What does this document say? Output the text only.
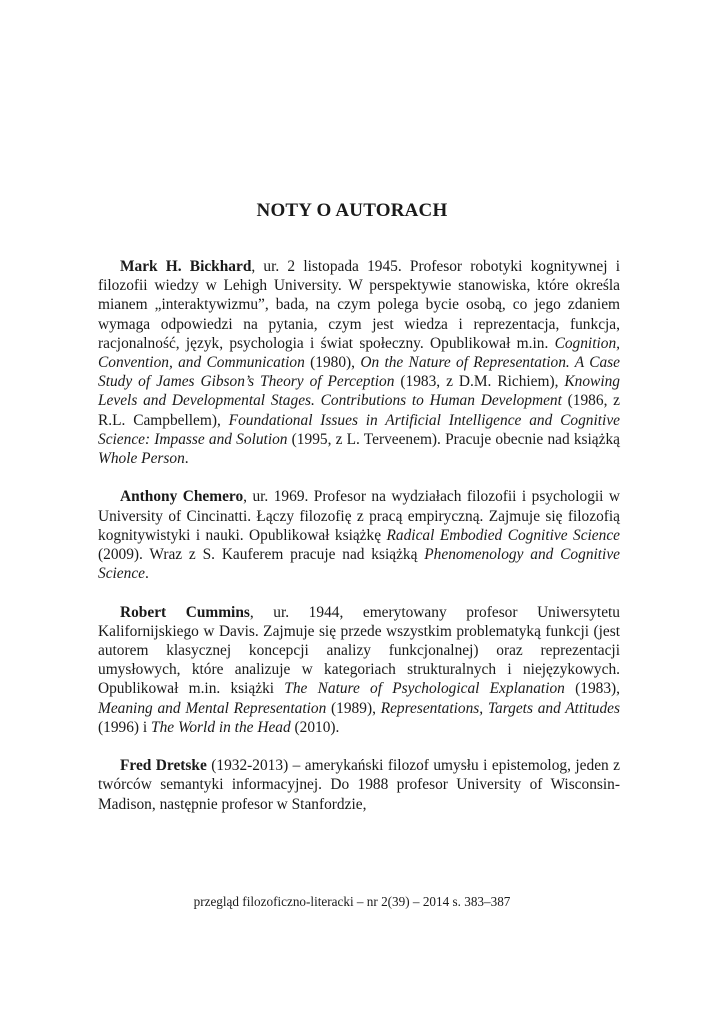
NOTY O AUTORACH

Mark H. Bickhard, ur. 2 listopada 1945. Profesor robotyki kognitywnej i filozofii wiedzy w Lehigh University. W perspektywie stanowiska, które określa mianem „interaktywizmu”, bada, na czym polega bycie osobą, co jego zdaniem wymaga odpowiedzi na pytania, czym jest wiedza i reprezentacja, funkcja, racjonalność, język, psychologia i świat społeczny. Opublikował m.in. Cognition, Convention, and Communication (1980), On the Nature of Representation. A Case Study of James Gibson’s Theory of Perception (1983, z D.M. Richiem), Knowing Levels and Developmental Stages. Contributions to Human Development (1986, z R.L. Campbellem), Foundational Issues in Artificial Intelligence and Cognitive Science: Impasse and Solution (1995, z L. Terveenem). Pracuje obecnie nad książką Whole Person.

Anthony Chemero, ur. 1969. Profesor na wydziałach filozofii i psychologii w University of Cincinatti. Łączy filozofię z pracą empiryczną. Zajmuje się filozofią kognitywistyki i nauki. Opublikował książkę Radical Embodied Cognitive Science (2009). Wraz z S. Kauferem pracuje nad książką Phenomenology and Cognitive Science.

Robert Cummins, ur. 1944, emerytowany profesor Uniwersytetu Kalifornijskiego w Davis. Zajmuje się przede wszystkim problematyką funkcji (jest autorem klasycznej koncepcji analizy funkcjonalnej) oraz reprezentacji umysłowych, które analizuje w kategoriach strukturalnych i niejęzykowych. Opublikował m.in. książki The Nature of Psychological Explanation (1983), Meaning and Mental Representation (1989), Representations, Targets and Attitudes (1996) i The World in the Head (2010).

Fred Dretske (1932-2013) – amerykański filozof umysłu i epistemolog, jeden z twórców semantyki informacyjnej. Do 1988 profesor University of Wisconsin-Madison, następnie profesor w Stanfordzie,

przegląd filozoficzno-literacki – nr 2(39) – 2014 s. 383–387
